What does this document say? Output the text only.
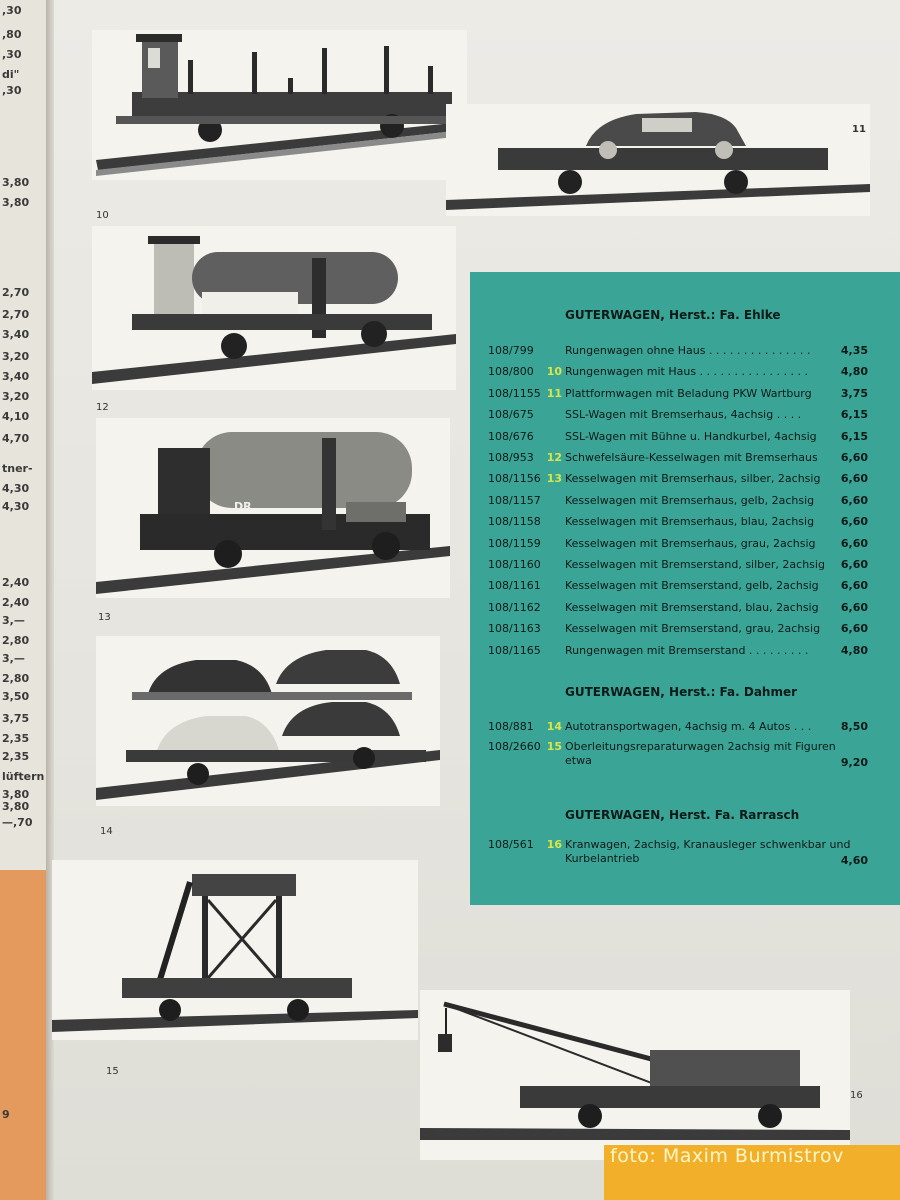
,30
,80
,30
di"
,30
3,80
3,80
2,70
2,70
3,40
3,20
3,40
3,20
4,10
4,70
tner-
4,30
4,30
2,40
2,40
3,—
2,80
3,—
2,80
3,50
3,75
2,35
2,35
lüftern
3,80
3,80
—,70
9
10
11
12
DR
13
14
15
16
GUTERWAGEN, Herst.: Fa. Ehlke
108/799	Rungenwagen ohne Haus . . . . . . . . . . . . . . .	4,35
108/800 10 Rungenwagen mit Haus . . . . . . . . . . . . . . . .	4,80
108/1155 11 Plattformwagen mit Beladung PKW Wartburg	3,75
108/675	SSL-Wagen mit Bremserhaus, 4achsig . . . .	6,15
108/676	SSL-Wagen mit Bühne u. Handkurbel, 4achsig 6,15
108/953 12 Schwefelsäure-Kesselwagen mit Bremserhaus 6,60
108/1156 13 Kesselwagen mit Bremserhaus, silber, 2achsig 6,60
108/1157 Kesselwagen mit Bremserhaus, gelb, 2achsig 6,60
108/1158 Kesselwagen mit Bremserhaus, blau, 2achsig 6,60
108/1159 Kesselwagen mit Bremserhaus, grau, 2achsig 6,60
108/1160 Kesselwagen mit Bremserstand, silber, 2achsig 6,60
108/1161 Kesselwagen mit Bremserstand, gelb, 2achsig 6,60
108/1162 Kesselwagen mit Bremserstand, blau, 2achsig 6,60
108/1163 Kesselwagen mit Bremserstand, grau, 2achsig 6,60
108/1165 Rungenwagen mit Bremserstand . . . . . . . . .	4,80
GUTERWAGEN, Herst.: Fa. Dahmer
108/881 14 Autotransportwagen, 4achsig m. 4 Autos . . .	8,50
108/2660 15 Oberleitungsreparaturwagen 2achsig mit Figuren etwa	9,20
GUTERWAGEN, Herst. Fa. Rarrasch
108/561 16 Kranwagen, 2achsig, Kranausleger schwenkbar und Kurbelantrieb	4,60
foto: Maxim Burmistrov
